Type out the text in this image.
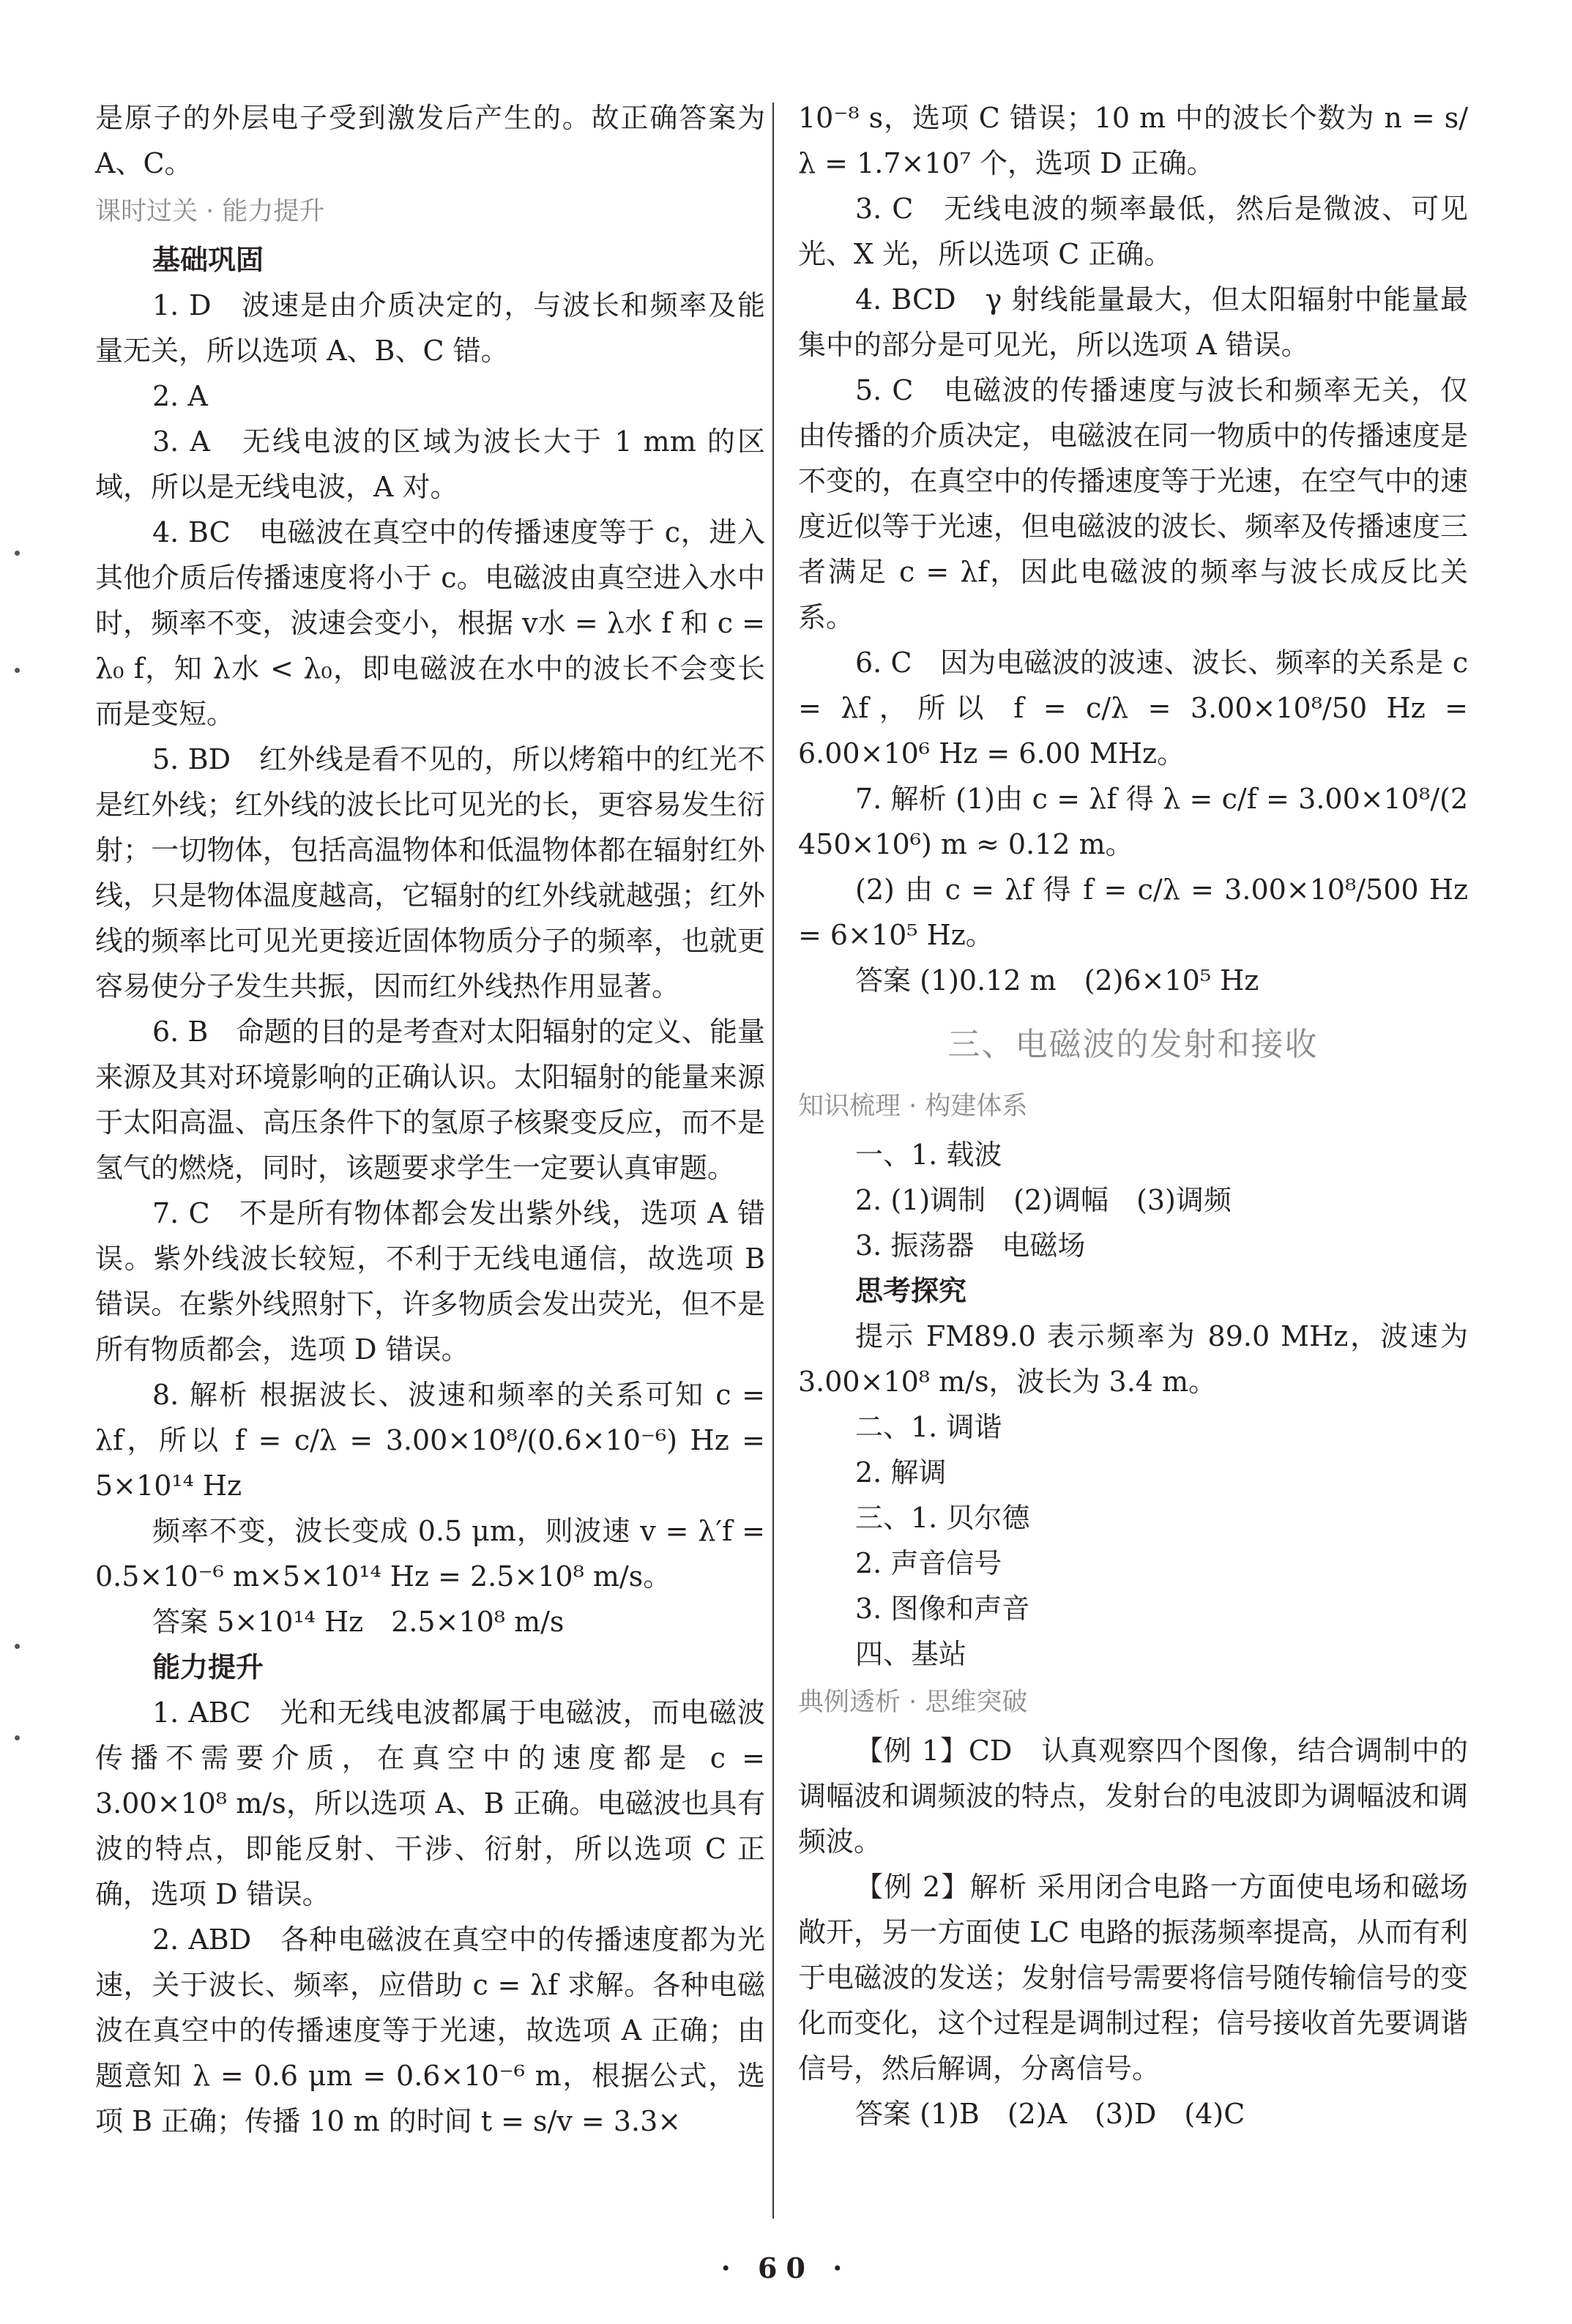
是原子的外层电子受到激发后产生的。故正确答案为 A、C。

课时过关 · 能力提升

基础巩固

1. D　波速是由介质决定的，与波长和频率及能量无关，所以选项 A、B、C 错。

2. A

3. A　无线电波的区域为波长大于 1 mm 的区域，所以是无线电波，A 对。

4. BC　电磁波在真空中的传播速度等于 c，进入其他介质后传播速度将小于 c。电磁波由真空进入水中时，频率不变，波速会变小，根据 v水 = λ水 f 和 c = λ₀ f，知 λ水 < λ₀，即电磁波在水中的波长不会变长而是变短。

5. BD　红外线是看不见的，所以烤箱中的红光不是红外线；红外线的波长比可见光的长，更容易发生衍射；一切物体，包括高温物体和低温物体都在辐射红外线，只是物体温度越高，它辐射的红外线就越强；红外线的频率比可见光更接近固体物质分子的频率，也就更容易使分子发生共振，因而红外线热作用显著。

6. B　命题的目的是考查对太阳辐射的定义、能量来源及其对环境影响的正确认识。太阳辐射的能量来源于太阳高温、高压条件下的氢原子核聚变反应，而不是氢气的燃烧，同时，该题要求学生一定要认真审题。

7. C　不是所有物体都会发出紫外线，选项 A 错误。紫外线波长较短，不利于无线电通信，故选项 B 错误。在紫外线照射下，许多物质会发出荧光，但不是所有物质都会，选项 D 错误。

8. 解析 根据波长、波速和频率的关系可知 c = λf，所以 f = c/λ = 3.00×10⁸/(0.6×10⁻⁶) Hz = 5×10¹⁴ Hz

频率不变，波长变成 0.5 μm，则波速 v = λ′f = 0.5×10⁻⁶ m×5×10¹⁴ Hz = 2.5×10⁸ m/s。

答案 5×10¹⁴ Hz　2.5×10⁸ m/s

能力提升

1. ABC　光和无线电波都属于电磁波，而电磁波传播不需要介质，在真空中的速度都是 c = 3.00×10⁸ m/s，所以选项 A、B 正确。电磁波也具有波的特点，即能反射、干涉、衍射，所以选项 C 正确，选项 D 错误。

2. ABD　各种电磁波在真空中的传播速度都为光速，关于波长、频率，应借助 c = λf 求解。各种电磁波在真空中的传播速度等于光速，故选项 A 正确；由题意知 λ = 0.6 μm = 0.6×10⁻⁶ m，根据公式，选项 B 正确；传播 10 m 的时间 t = s/v = 3.3×

10⁻⁸ s，选项 C 错误；10 m 中的波长个数为 n = s/λ = 1.7×10⁷ 个，选项 D 正确。

3. C　无线电波的频率最低，然后是微波、可见光、X 光，所以选项 C 正确。

4. BCD　γ 射线能量最大，但太阳辐射中能量最集中的部分是可见光，所以选项 A 错误。

5. C　电磁波的传播速度与波长和频率无关，仅由传播的介质决定，电磁波在同一物质中的传播速度是不变的，在真空中的传播速度等于光速，在空气中的速度近似等于光速，但电磁波的波长、频率及传播速度三者满足 c = λf，因此电磁波的频率与波长成反比关系。

6. C　因为电磁波的波速、波长、频率的关系是 c = λf，所以 f = c/λ = 3.00×10⁸/50 Hz = 6.00×10⁶ Hz = 6.00 MHz。

7. 解析 (1)由 c = λf 得 λ = c/f = 3.00×10⁸/(2 450×10⁶) m ≈ 0.12 m。

(2) 由 c = λf 得 f = c/λ = 3.00×10⁸/500 Hz = 6×10⁵ Hz。

答案 (1)0.12 m　(2)6×10⁵ Hz

三、电磁波的发射和接收

知识梳理 · 构建体系

一、1. 载波

2. (1)调制　(2)调幅　(3)调频

3. 振荡器　电磁场

思考探究

提示 FM89.0 表示频率为 89.0 MHz，波速为 3.00×10⁸ m/s，波长为 3.4 m。

二、1. 调谐

2. 解调

三、1. 贝尔德

2. 声音信号

3. 图像和声音

四、基站

典例透析 · 思维突破

【例 1】CD　认真观察四个图像，结合调制中的调幅波和调频波的特点，发射台的电波即为调幅波和调频波。

【例 2】解析 采用闭合电路一方面使电场和磁场敞开，另一方面使 LC 电路的振荡频率提高，从而有利于电磁波的发送；发射信号需要将信号随传输信号的变化而变化，这个过程是调制过程；信号接收首先要调谐信号，然后解调，分离信号。

答案 (1)B　(2)A　(3)D　(4)C

· 60 ·
